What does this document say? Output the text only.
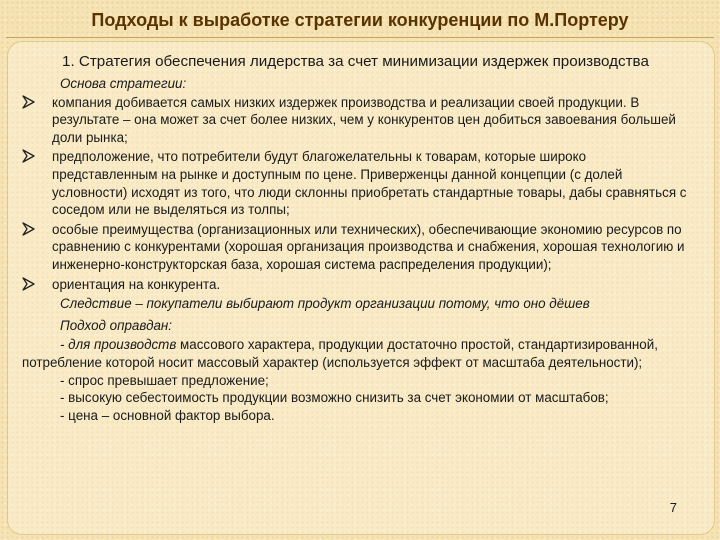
Подходы к выработке стратегии конкуренции по М.Портеру
1. Стратегия обеспечения лидерства за счет минимизации издержек производства
Основа стратегии:
компания добивается самых низких издержек производства и реализации своей продукции. В результате – она может за счет более низких, чем у конкурентов цен добиться завоевания большей доли рынка;
предположение, что потребители будут благожелательны к товарам, которые широко представленным на рынке и доступным по цене. Приверженцы данной концепции (с долей условности) исходят из того, что люди склонны приобретать стандартные товары, дабы сравняться с соседом или не выделяться из толпы;
особые преимущества (организационных или технических), обеспечивающие экономию ресурсов по сравнению с конкурентами (хорошая организация производства и снабжения, хорошая технологию и инженерно-конструкторская база, хорошая система распределения продукции);
ориентация на конкурента.
Следствие – покупатели выбирают продукт организации потому, что оно дёшев
Подход оправдан:
- для производств массового характера, продукции достаточно простой, стандартизированной, потребление которой носит массовый характер (используется эффект от масштаба деятельности);
- спрос превышает предложение;
- высокую себестоимость продукции возможно снизить за счет экономии от масштабов;
- цена – основной фактор выбора.
7
